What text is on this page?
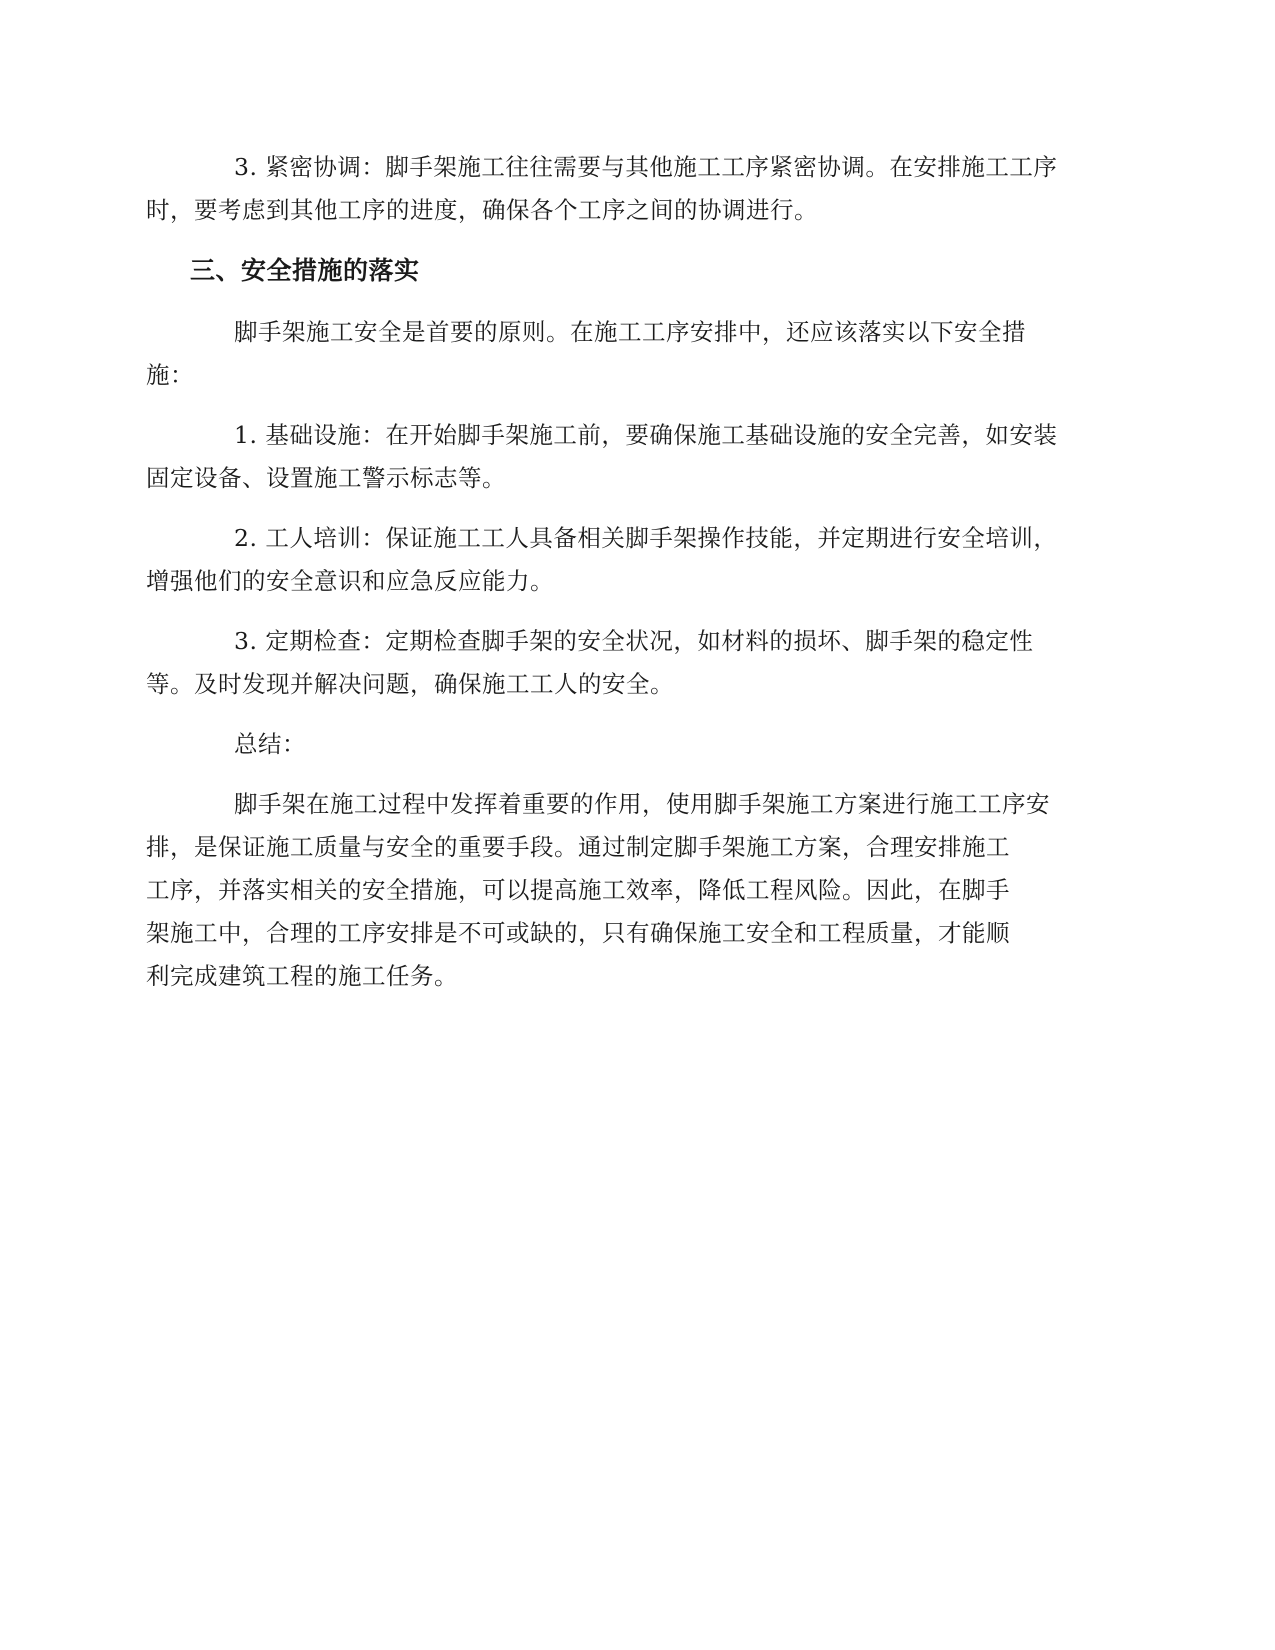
3. 紧密协调：脚手架施工往往需要与其他施工工序紧密协调。在安排施工工序
时，要考虑到其他工序的进度，确保各个工序之间的协调进行。

三、安全措施的落实

脚手架施工安全是首要的原则。在施工工序安排中，还应该落实以下安全措
施：

1. 基础设施：在开始脚手架施工前，要确保施工基础设施的安全完善，如安装
固定设备、设置施工警示标志等。

2. 工人培训：保证施工工人具备相关脚手架操作技能，并定期进行安全培训，
增强他们的安全意识和应急反应能力。

3. 定期检查：定期检查脚手架的安全状况，如材料的损坏、脚手架的稳定性
等。及时发现并解决问题，确保施工工人的安全。

总结：

脚手架在施工过程中发挥着重要的作用，使用脚手架施工方案进行施工工序安
排，是保证施工质量与安全的重要手段。通过制定脚手架施工方案，合理安排施工
工序，并落实相关的安全措施，可以提高施工效率，降低工程风险。因此，在脚手
架施工中，合理的工序安排是不可或缺的，只有确保施工安全和工程质量，才能顺
利完成建筑工程的施工任务。
